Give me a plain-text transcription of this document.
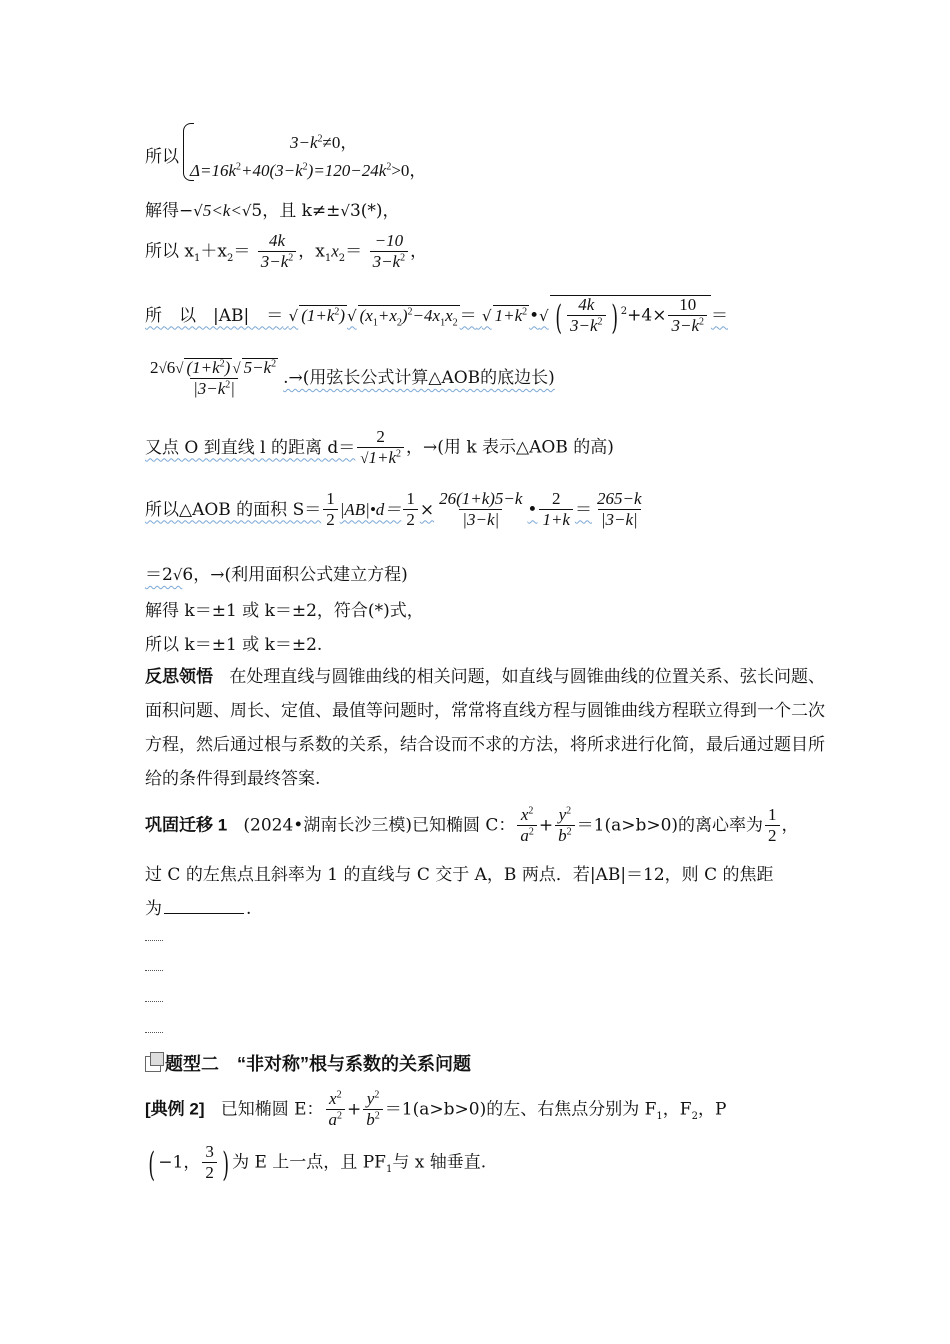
所以
$3-k^2\ne 0$，
$\Delta=16k^2+40(3-k^2)=120-24k^2>0$，
解得−√5<k<√5，且 k≠±√3(*)，
所以 $x_1+x_2= \frac{4k}{3-k^2}$ ，$x_1x_2= \frac{-10}{3-k^2}$ ，
所　以　|AB|　＝ √ $(1+k^2)$ √ $(x_1+x_2)^2-4x_1x_2$ ＝ √ $1+k^2$ •√ ( $\frac{4k}{3-k^2}$ ) $^2+4\times \frac{10}{3-k^2}$ ＝
$\frac{2√6√ (1+k^2) √ 5-k^2}{|3-k^2|}$ .→(用弦长公式计算△AOB的底边长)
又点 O 到直线 l 的距离 $d= \frac{2}{√1+k^2}$ ，→(用 k 表示△AOB 的高)
所以△AOB 的面积 $S= \frac{1}{2}$ |AB|•d＝ $\frac{1}{2} \times \frac{26(1+k)5-k}{|3-k|}$ • $\frac{2}{1+k} = \frac{265-k}{|3-k|}$
＝2√6，→(利用面积公式建立方程)
解得 k＝±1 或 k＝±2，符合(*)式，
所以 k＝±1 或 k＝±2.
反思领悟 在处理直线与圆锥曲线的相关问题，如直线与圆锥曲线的位置关系、弦长问题、面积问题、周长、定值、最值等问题时，常常将直线方程与圆锥曲线方程联立得到一个二次方程，然后通过根与系数的关系，结合设而不求的方法，将所求进行化简，最后通过题目所给的条件得到最终答案.
巩固迁移 1 (2024•湖南长沙三模)已知椭圆 C： $\frac{x^2}{a^2} + \frac{y^2}{b^2} =1(a>b>0)$的离心率为 $\frac{1}{2}$ ，
过 C 的左焦点且斜率为 1 的直线与 C 交于 A，B 两点．若|AB|＝12，则 C 的焦距
为	.
题型二　“非对称”根与系数的关系问题
[典例 2] 已知椭圆 E： $\frac{x^2}{a^2} + \frac{y^2}{b^2} =1(a>b>0)$的左、右焦点分别为 $F_1$，$F_2$，P
( −1， $\frac{3}{2}$ ) 为 E 上一点，且 $PF_1$与 x 轴垂直.
